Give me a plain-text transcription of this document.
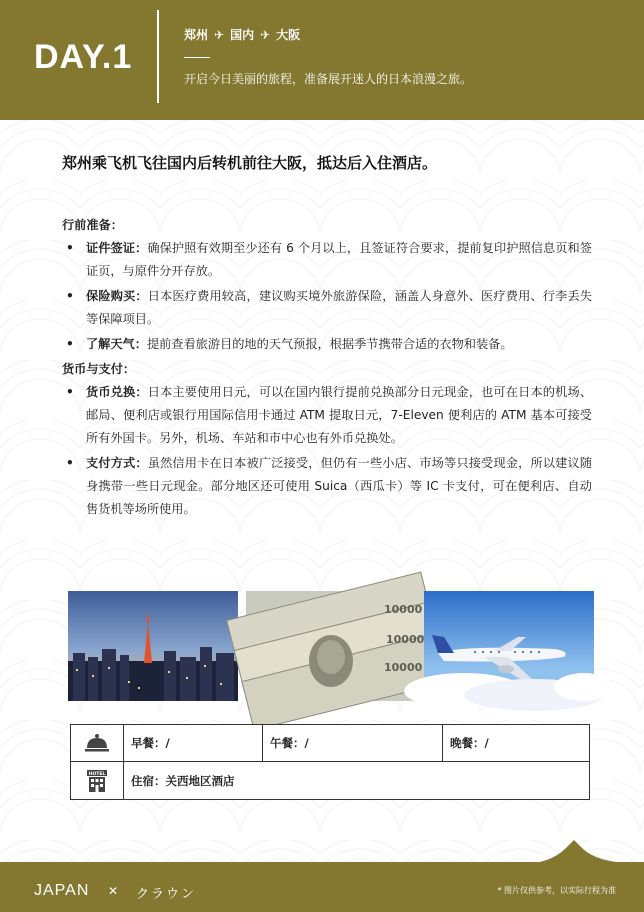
DAY.1
郑州 ✈ 国内 ✈ 大阪
开启今日美丽的旅程，准备展开迷人的日本浪漫之旅。
郑州乘飞机飞往国内后转机前往大阪，抵达后入住酒店。

行前准备：

• 证件签证：确保护照有效期至少还有 6 个月以上，且签证符合要求，提前复印护照信息页和签证页，与原件分开存放。
• 保险购买：日本医疗费用较高，建议购买境外旅游保险，涵盖人身意外、医疗费用、行李丢失等保障项目。
• 了解天气：提前查看旅游目的地的天气预报，根据季节携带合适的衣物和装备。

货币与支付：

• 货币兑换：日本主要使用日元，可以在国内银行提前兑换部分日元现金，也可在日本的机场、邮局、便利店或银行用国际信用卡通过 ATM 提取日元，7-Eleven 便利店的 ATM 基本可接受所有外国卡。另外，机场、车站和市中心也有外币兑换处。
• 支付方式：虽然信用卡在日本被广泛接受，但仍有一些小店、市场等只接受现金，所以建议随身携带一些日元现金。部分地区还可使用 Suica（西瓜卡）等 IC 卡支付，可在便利店、自动售货机等场所使用。
10000
10000
10000
早餐：/	午餐：/	晚餐：/
HOTEL	住宿：关西地区酒店
JAPAN ✕ クラウン	* 图片仅供参考，以实际行程为准
